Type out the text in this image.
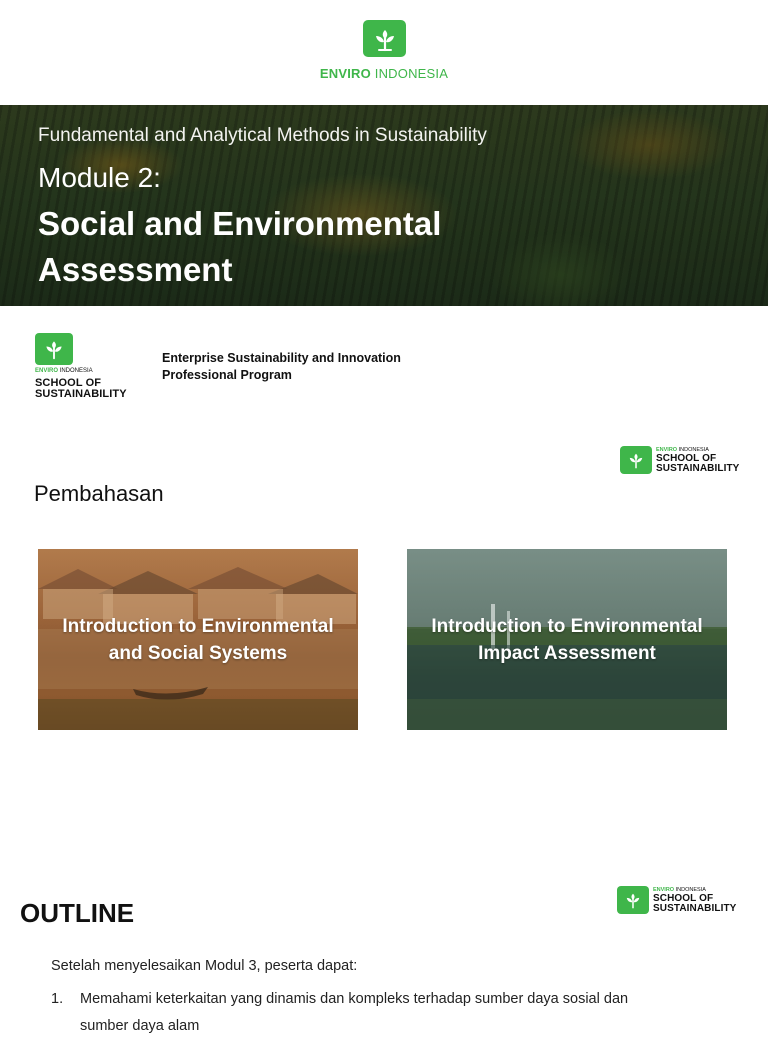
ENVIRO INDONESIA
Fundamental and Analytical Methods in Sustainability
Module 2:
Social and Environmental Assessment
ENVIRO INDONESIA
SCHOOL OF
SUSTAINABILITY
Enterprise Sustainability and Innovation
Professional Program
ENVIRO INDONESIA
SCHOOL OF
SUSTAINABILITY
Pembahasan
Introduction to Environmental and Social Systems
Introduction to Environmental Impact Assessment
ENVIRO INDONESIA
SCHOOL OF
SUSTAINABILITY
OUTLINE
Setelah menyelesaikan Modul 3, peserta dapat:
1.	Memahami keterkaitan yang dinamis dan kompleks terhadap sumber daya sosial dan sumber daya alam
